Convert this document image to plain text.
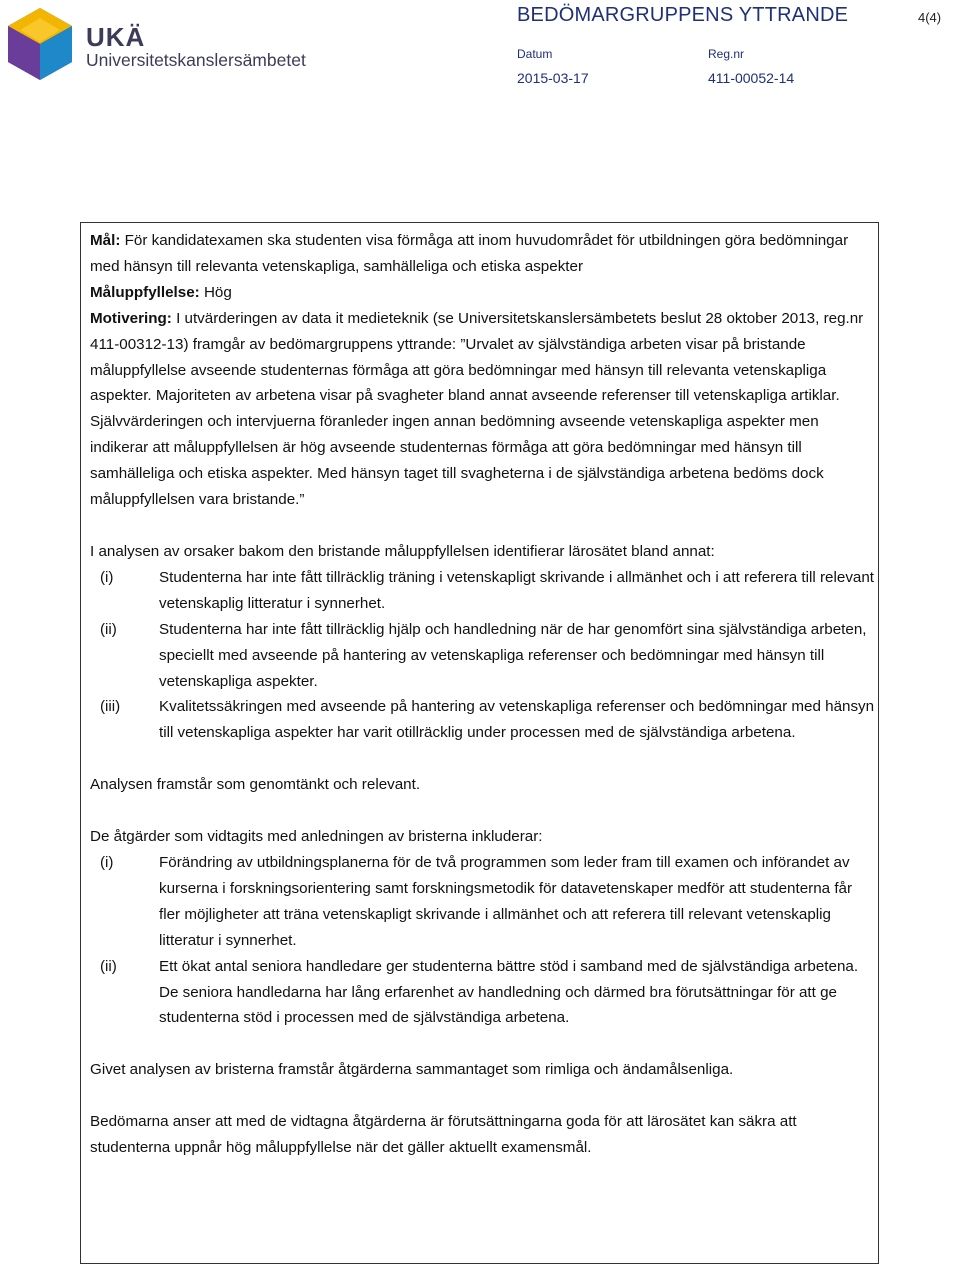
UKÄ
Universitetskanslersämbetet
BEDÖMARGRUPPENS YTTRANDE	4(4)
Datum	Reg.nr
2015-03-17	411-00052-14

Mål: För kandidatexamen ska studenten visa förmåga att inom huvudområdet för utbildningen göra bedömningar med hänsyn till relevanta vetenskapliga, samhälleliga och etiska aspekter

Måluppfyllelse: Hög

Motivering: I utvärderingen av data it medieteknik (se Universitetskanslersämbetets beslut 28 oktober 2013, reg.nr 411-00312-13) framgår av bedömargruppens yttrande: ”Urvalet av självständiga arbeten visar på bristande måluppfyllelse avseende studenternas förmåga att göra bedömningar med hänsyn till relevanta vetenskapliga aspekter. Majoriteten av arbetena visar på svagheter bland annat avseende referenser till vetenskapliga artiklar. Självvärderingen och intervjuerna föranleder ingen annan bedömning avseende vetenskapliga aspekter men indikerar att måluppfyllelsen är hög avseende studenternas förmåga att göra bedömningar med hänsyn till samhälleliga och etiska aspekter. Med hänsyn taget till svagheterna i de självständiga arbetena bedöms dock måluppfyllelsen vara bristande.”

I analysen av orsaker bakom den bristande måluppfyllelsen identifierar lärosätet bland annat:

(i)	Studenterna har inte fått tillräcklig träning i vetenskapligt skrivande i allmänhet och i att referera till relevant vetenskaplig litteratur i synnerhet.
(ii)	Studenterna har inte fått tillräcklig hjälp och handledning när de har genomfört sina självständiga arbeten, speciellt med avseende på hantering av vetenskapliga referenser och bedömningar med hänsyn till vetenskapliga aspekter.
(iii)	Kvalitetssäkringen med avseende på hantering av vetenskapliga referenser och bedömningar med hänsyn till vetenskapliga aspekter har varit otillräcklig under processen med de självständiga arbetena.

Analysen framstår som genomtänkt och relevant.

De åtgärder som vidtagits med anledningen av bristerna inkluderar:

(i)	Förändring av utbildningsplanerna för de två programmen som leder fram till examen och införandet av kurserna i forskningsorientering samt forskningsmetodik för datavetenskaper medför att studenterna får fler möjligheter att träna vetenskapligt skrivande i allmänhet och att referera till relevant vetenskaplig litteratur i synnerhet.
(ii)	Ett ökat antal seniora handledare ger studenterna bättre stöd i samband med de självständiga arbetena. De seniora handledarna har lång erfarenhet av handledning och därmed bra förutsättningar för att ge studenterna stöd i processen med de självständiga arbetena.

Givet analysen av bristerna framstår åtgärderna sammantaget som rimliga och ändamålsenliga.

Bedömarna anser att med de vidtagna åtgärderna är förutsättningarna goda för att lärosätet kan säkra att studenterna uppnår hög måluppfyllelse när det gäller aktuellt examensmål.
